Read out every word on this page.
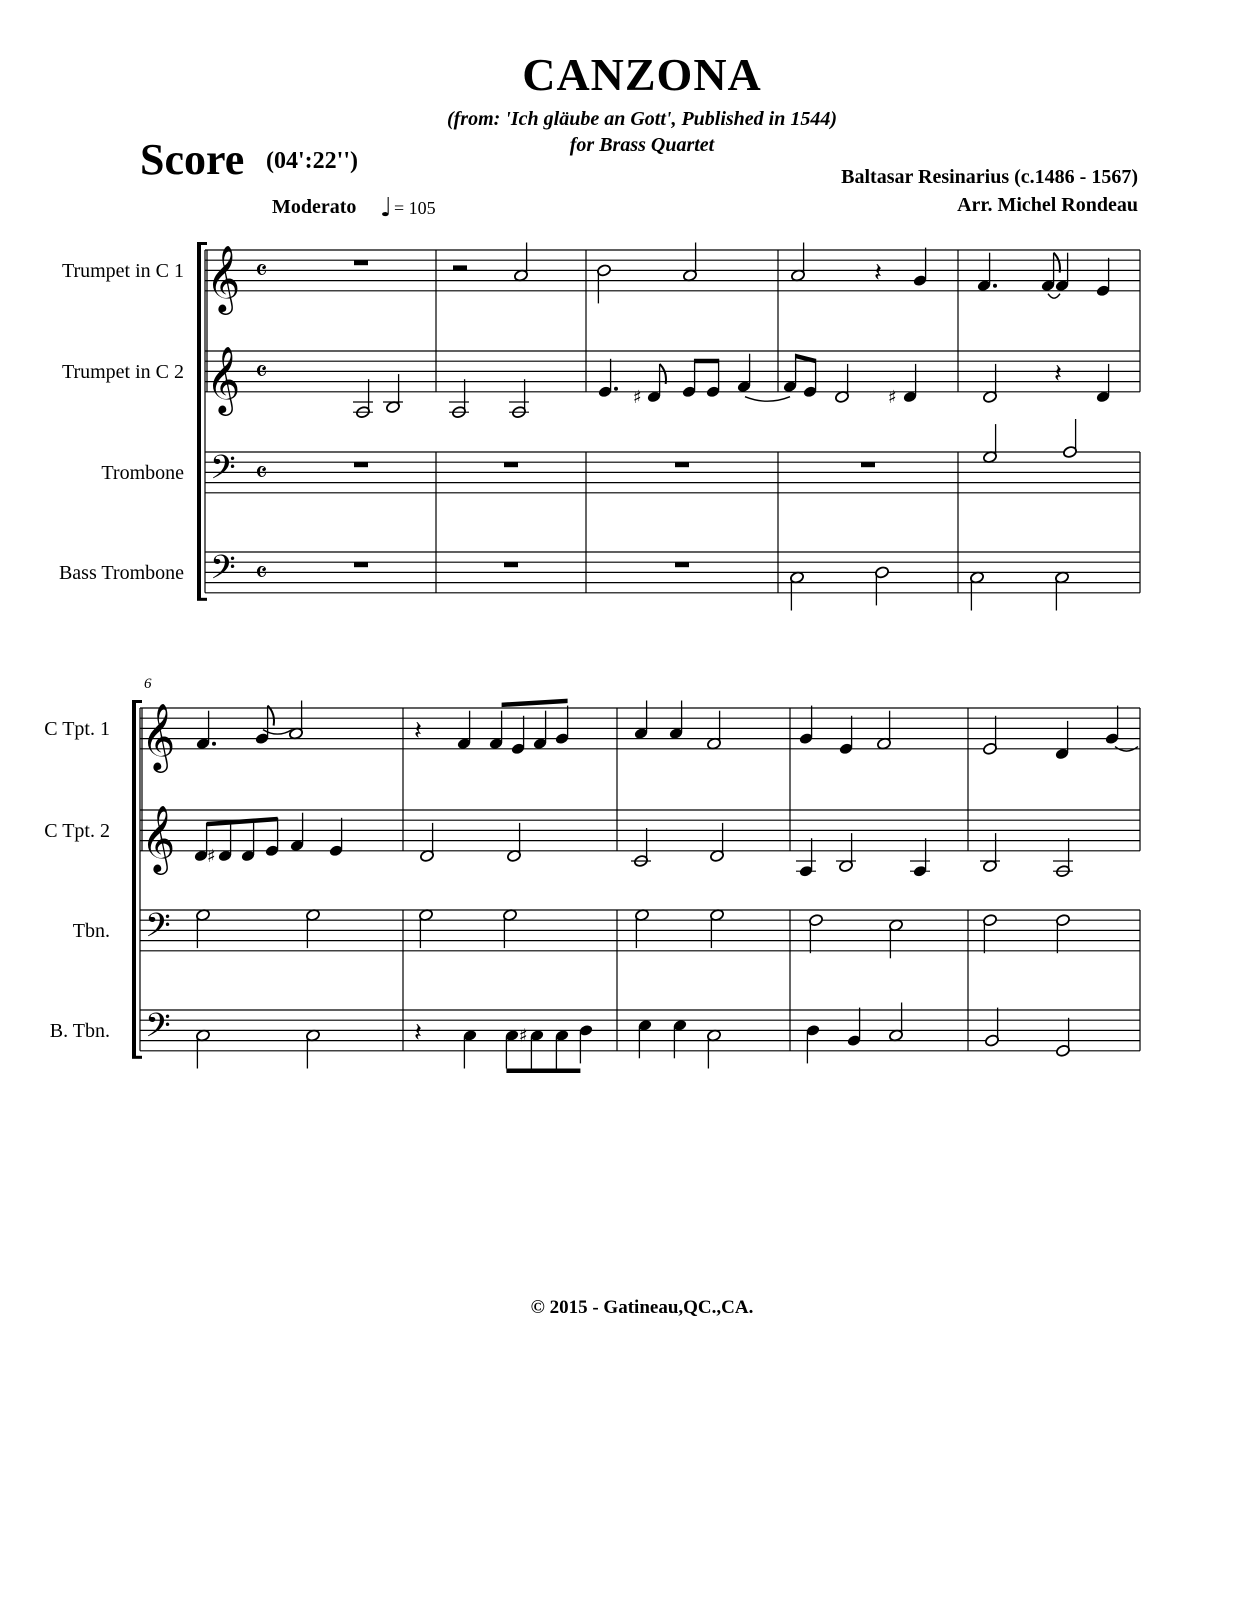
CANZONA
(from: 'Ich gläube an Gott', Published in 1544)
for Brass Quartet
Score (04':22'')
Baltasar Resinarius (c.1486 - 1567)
Arr. Michel Rondeau
Moderato = 105
Trumpet in C 1
Trumpet in C 2
Trombone
Bass Trombone
C Tpt. 1
C Tpt. 2
Tbn.
B. Tbn.
6
© 2015 - Gatineau,QC.,CA.
𝄞 𝄴
𝄞 𝄴
𝄢 𝄴
𝄢 𝄴
♩
𝄽
♯	♯
𝄽
𝄞
𝄞
𝄢
𝄢
𝄽
♯
𝄽	♯
